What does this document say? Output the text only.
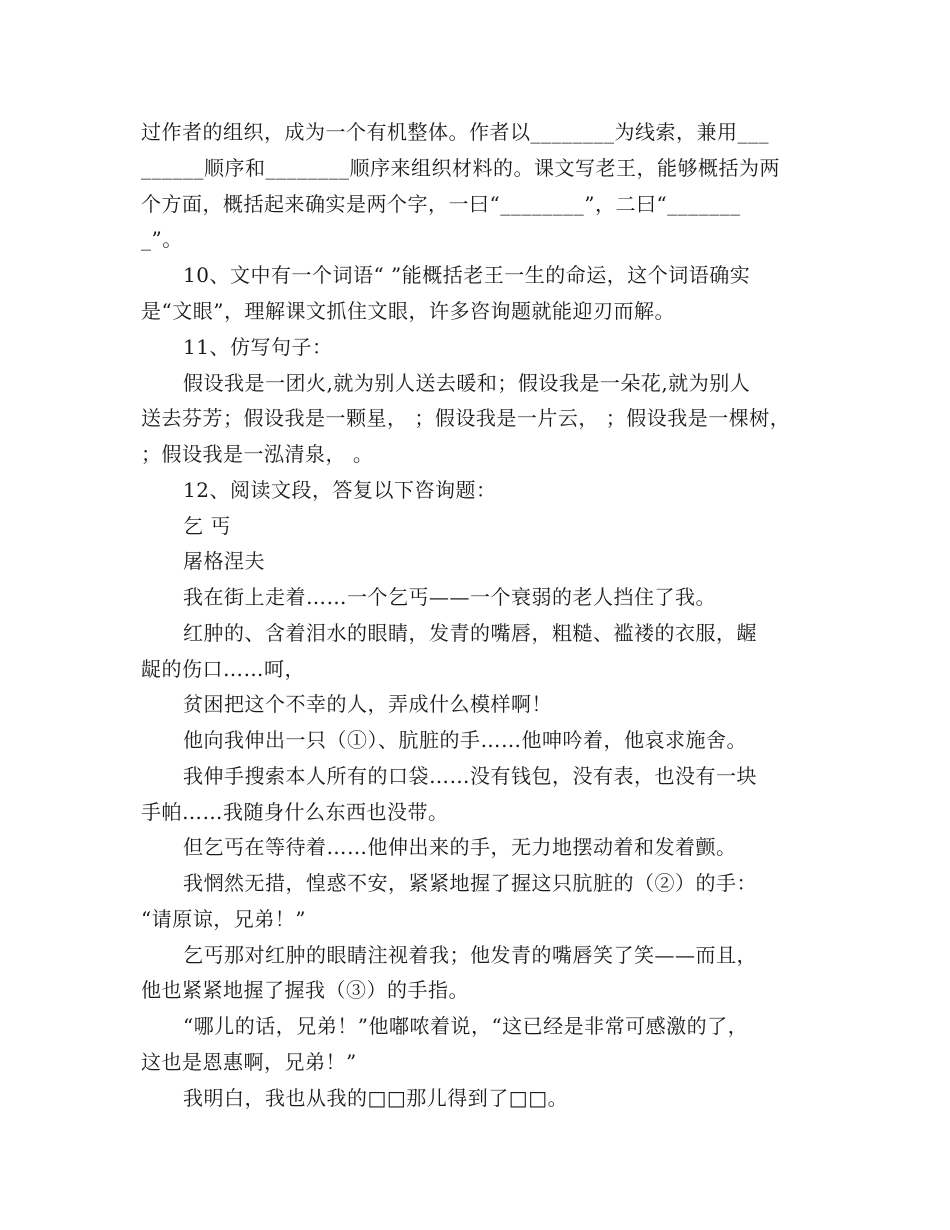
过作者的组织，成为一个有机整体。作者以________为线索，兼用___
______顺序和________顺序来组织材料的。课文写老王，能够概括为两
个方面，概括起来确实是两个字，一曰“________”，二曰“_______
_”。
10、文中有一个词语“ ”能概括老王一生的命运，这个词语确实
是“文眼”，理解课文抓住文眼，许多咨询题就能迎刃而解。
11、仿写句子：
假设我是一团火,就为别人送去暖和；假设我是一朵花,就为别人
送去芬芳；假设我是一颗星， ；假设我是一片云， ；假设我是一棵树，
；假设我是一泓清泉， 。
12、阅读文段，答复以下咨询题：
乞 丐
屠格涅夫
我在街上走着……一个乞丐——一个衰弱的老人挡住了我。
红肿的、含着泪水的眼睛，发青的嘴唇，粗糙、褴褛的衣服，龌
龊的伤口……呵，
贫困把这个不幸的人，弄成什么模样啊！
他向我伸出一只（①）、肮脏的手……他呻吟着，他哀求施舍。
我伸手搜索本人所有的口袋……没有钱包，没有表，也没有一块
手帕……我随身什么东西也没带。
但乞丐在等待着……他伸出来的手，无力地摆动着和发着颤。
我惘然无措，惶惑不安，紧紧地握了握这只肮脏的（②）的手：
“请原谅，兄弟！”
乞丐那对红肿的眼睛注视着我；他发青的嘴唇笑了笑——而且，
他也紧紧地握了握我（③）的手指。
“哪儿的话，兄弟！”他嘟哝着说，“这已经是非常可感激的了，
这也是恩惠啊，兄弟！”
我明白，我也从我的□□那儿得到了□□。
